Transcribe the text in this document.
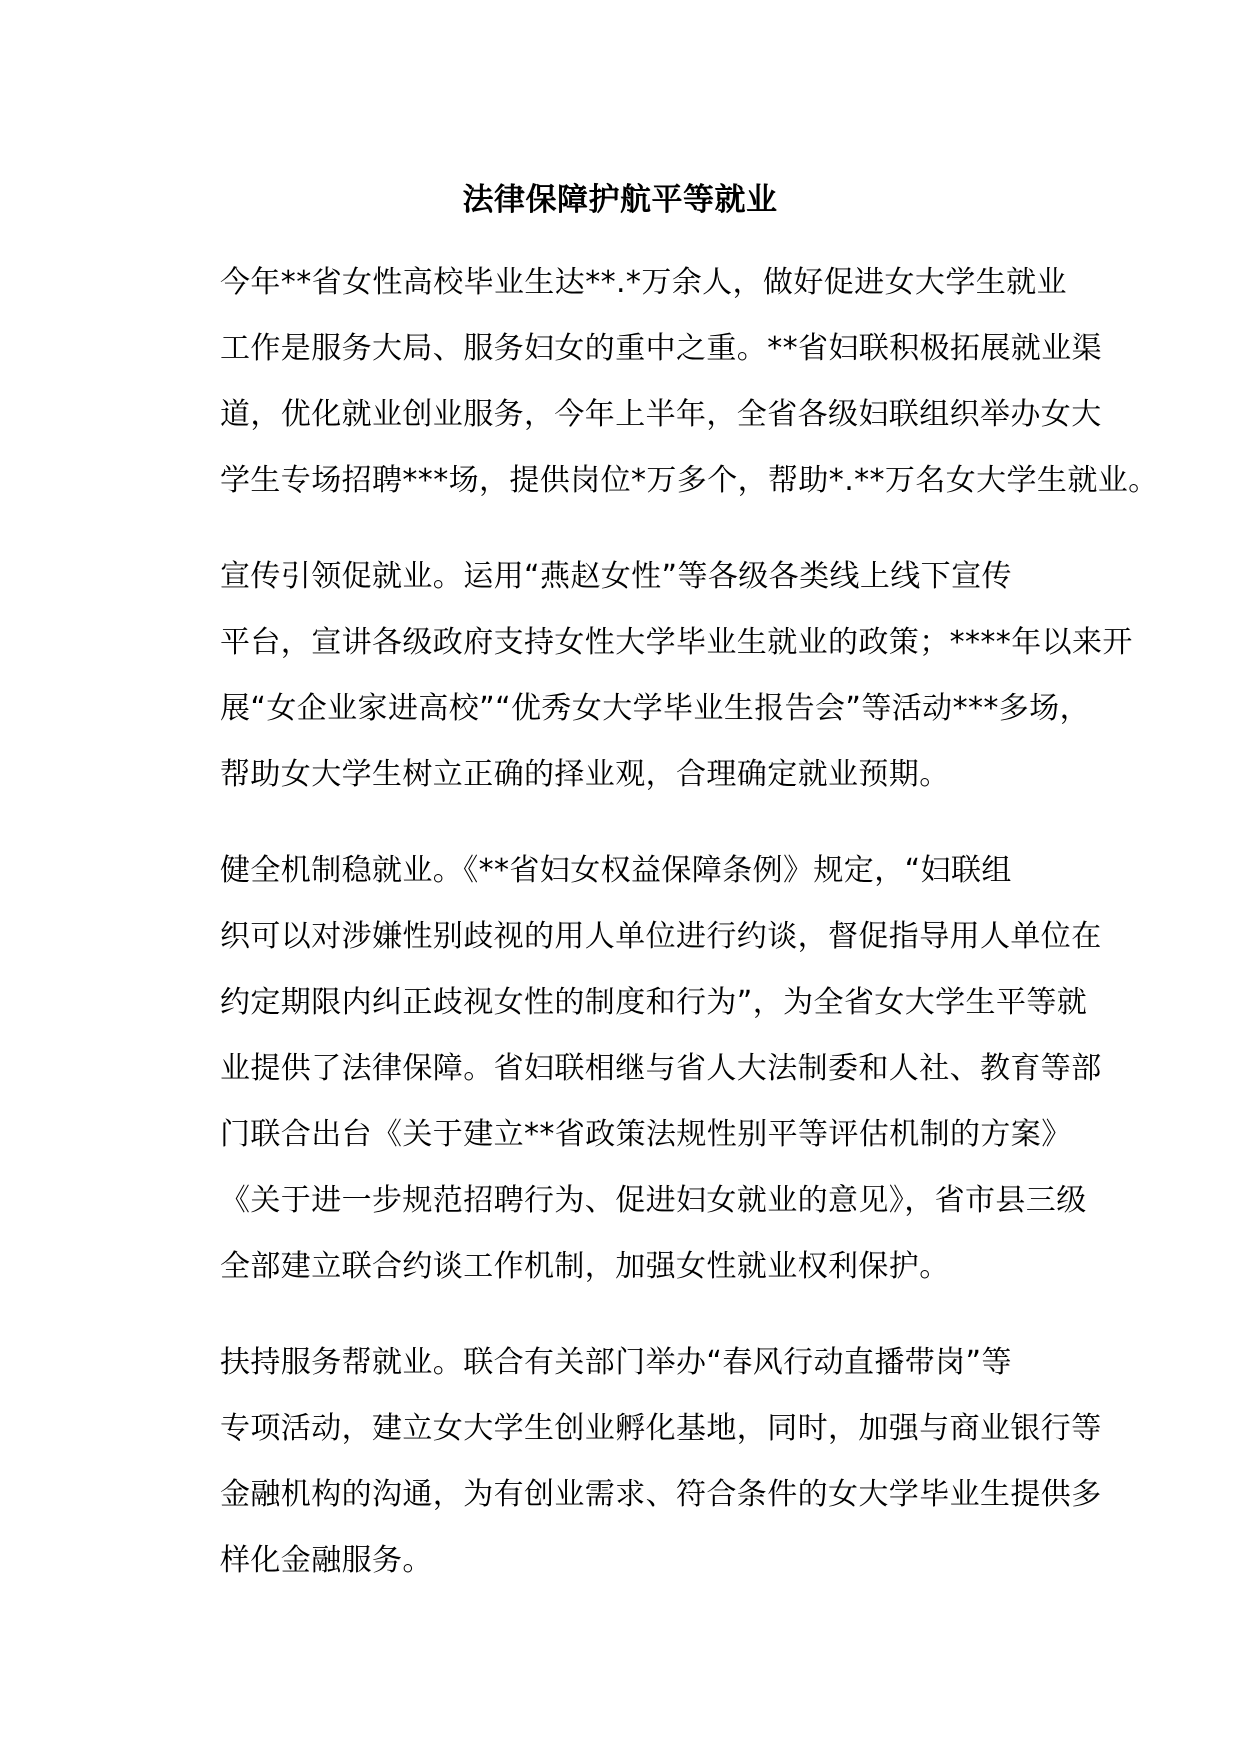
法律保障护航平等就业

今年**省女性高校毕业生达**.*万余人，做好促进女大学生就业
工作是服务大局、服务妇女的重中之重。**省妇联积极拓展就业渠
道，优化就业创业服务，今年上半年，全省各级妇联组织举办女大
学生专场招聘***场，提供岗位*万多个，帮助*.**万名女大学生就业。

宣传引领促就业。运用“燕赵女性”等各级各类线上线下宣传
平台，宣讲各级政府支持女性大学毕业生就业的政策；****年以来开
展“女企业家进高校”“优秀女大学毕业生报告会”等活动***多场，
帮助女大学生树立正确的择业观，合理确定就业预期。

健全机制稳就业。《**省妇女权益保障条例》规定，“妇联组
织可以对涉嫌性别歧视的用人单位进行约谈，督促指导用人单位在
约定期限内纠正歧视女性的制度和行为”，为全省女大学生平等就
业提供了法律保障。省妇联相继与省人大法制委和人社、教育等部
门联合出台《关于建立**省政策法规性别平等评估机制的方案》
《关于进一步规范招聘行为、促进妇女就业的意见》，省市县三级
全部建立联合约谈工作机制，加强女性就业权利保护。

扶持服务帮就业。联合有关部门举办“春风行动直播带岗”等
专项活动，建立女大学生创业孵化基地，同时，加强与商业银行等
金融机构的沟通，为有创业需求、符合条件的女大学毕业生提供多
样化金融服务。
